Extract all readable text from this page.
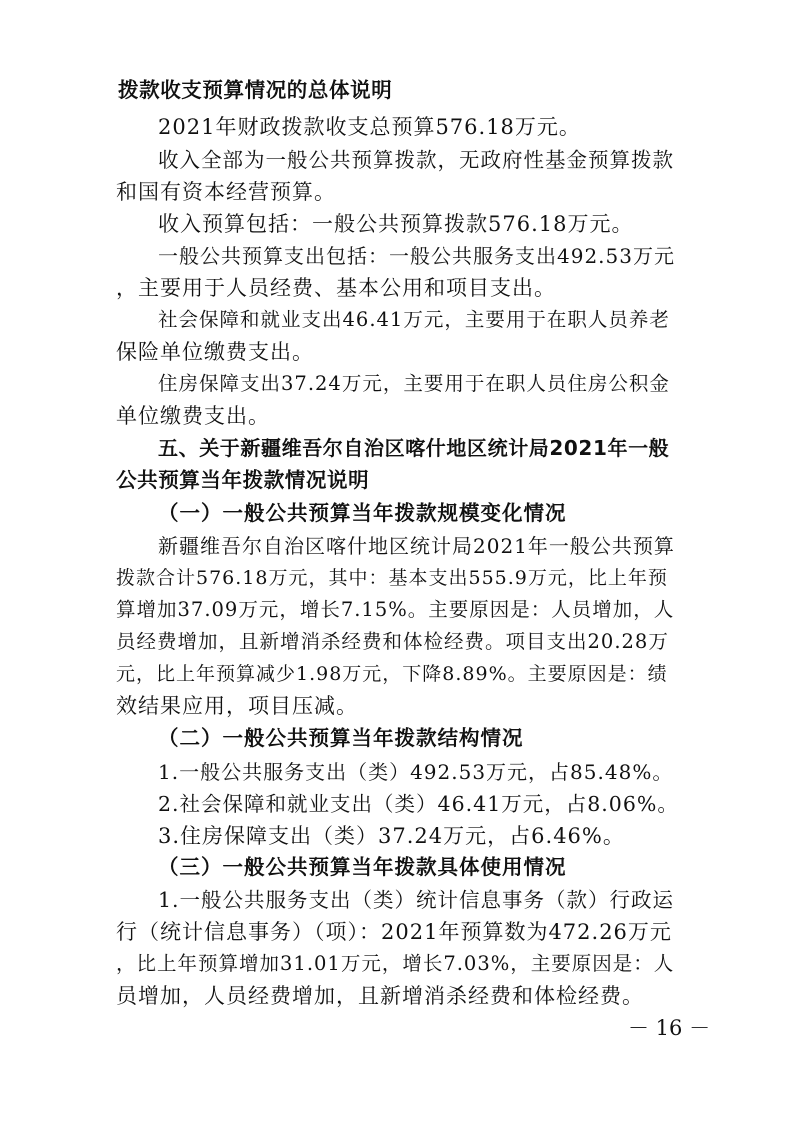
拨款收支预算情况的总体说明
2021年财政拨款收支总预算576.18万元。
收入全部为一般公共预算拨款，无政府性基金预算拨款
和国有资本经营预算。
收入预算包括：一般公共预算拨款576.18万元。
一般公共预算支出包括：一般公共服务支出492.53万元
，主要用于人员经费、基本公用和项目支出。
社会保障和就业支出46.41万元，主要用于在职人员养老
保险单位缴费支出。
住房保障支出37.24万元，主要用于在职人员住房公积金
单位缴费支出。
五、关于新疆维吾尔自治区喀什地区统计局2021年一般
公共预算当年拨款情况说明
（一）一般公共预算当年拨款规模变化情况
新疆维吾尔自治区喀什地区统计局2021年一般公共预算
拨款合计576.18万元，其中：基本支出555.9万元，比上年预
算增加37.09万元，增长7.15%。主要原因是：人员增加，人
员经费增加，且新增消杀经费和体检经费。项目支出20.28万
元，比上年预算减少1.98万元，下降8.89%。主要原因是：绩
效结果应用，项目压减。
（二）一般公共预算当年拨款结构情况
1.一般公共服务支出（类）492.53万元，占85.48%。
2.社会保障和就业支出（类）46.41万元，占8.06%。
3.住房保障支出（类）37.24万元，占6.46%。
（三）一般公共预算当年拨款具体使用情况
1.一般公共服务支出（类）统计信息事务（款）行政运
行（统计信息事务）（项）：2021年预算数为472.26万元
，比上年预算增加31.01万元，增长7.03%，主要原因是：人
员增加，人员经费增加，且新增消杀经费和体检经费。
－ 16 －
